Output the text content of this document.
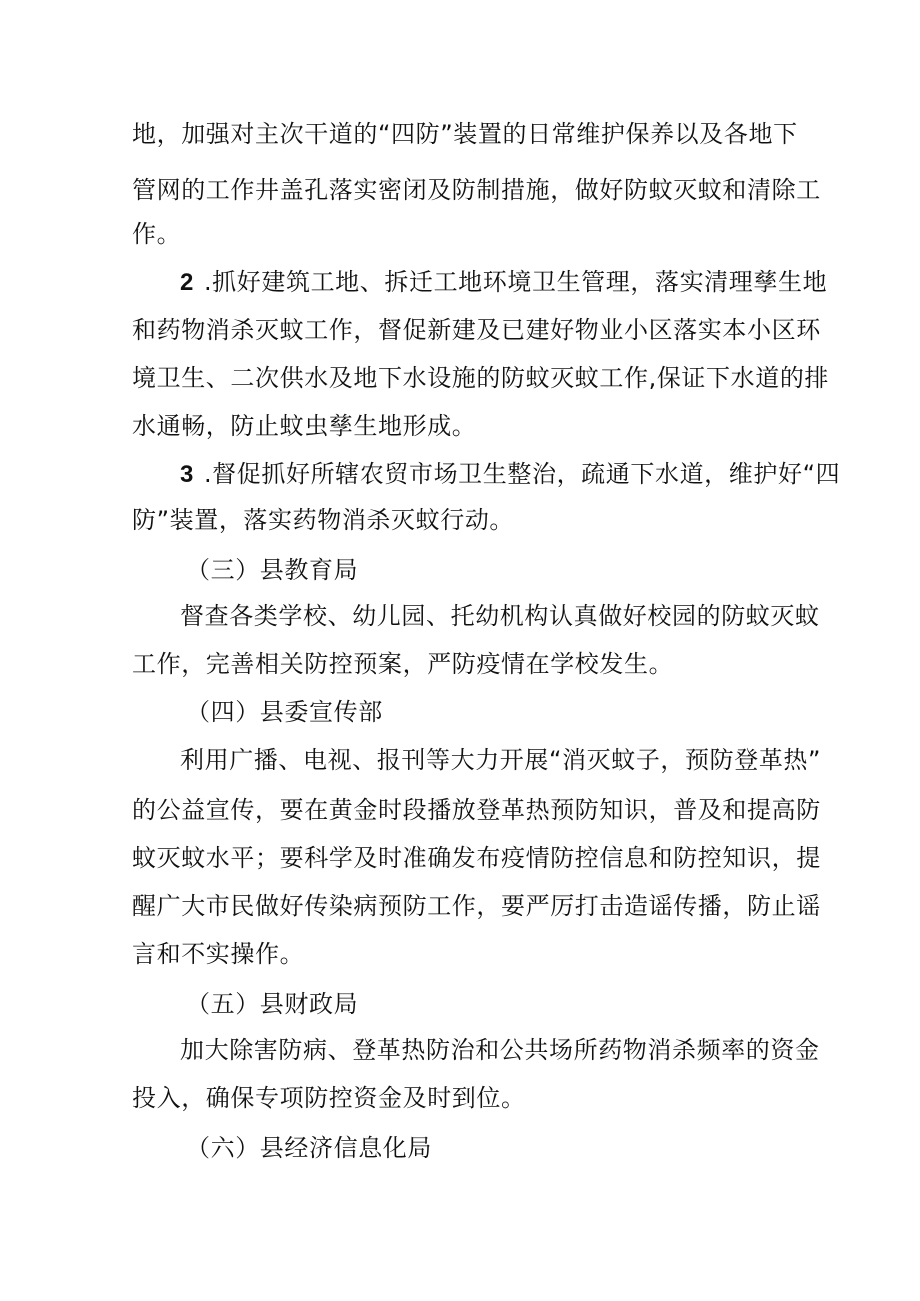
地，加强对主次干道的“四防”装置的日常维护保养以及各地下
管网的工作井盖孔落实密闭及防制措施，做好防蚊灭蚊和清除工
作。
2 .抓好建筑工地、拆迁工地环境卫生管理，落实清理孳生地
和药物消杀灭蚊工作，督促新建及已建好物业小区落实本小区环
境卫生、二次供水及地下水设施的防蚊灭蚊工作,保证下水道的排
水通畅，防止蚊虫孳生地形成。
3 .督促抓好所辖农贸市场卫生整治，疏通下水道，维护好“四
防”装置，落实药物消杀灭蚊行动。
（三）县教育局
督查各类学校、幼儿园、托幼机构认真做好校园的防蚊灭蚊
工作，完善相关防控预案，严防疫情在学校发生。
（四）县委宣传部
利用广播、电视、报刊等大力开展“消灭蚊子，预防登革热”
的公益宣传，要在黄金时段播放登革热预防知识，普及和提高防
蚊灭蚊水平；要科学及时准确发布疫情防控信息和防控知识，提
醒广大市民做好传染病预防工作，要严厉打击造谣传播，防止谣
言和不实操作。
（五）县财政局
加大除害防病、登革热防治和公共场所药物消杀频率的资金
投入，确保专项防控资金及时到位。
（六）县经济信息化局
